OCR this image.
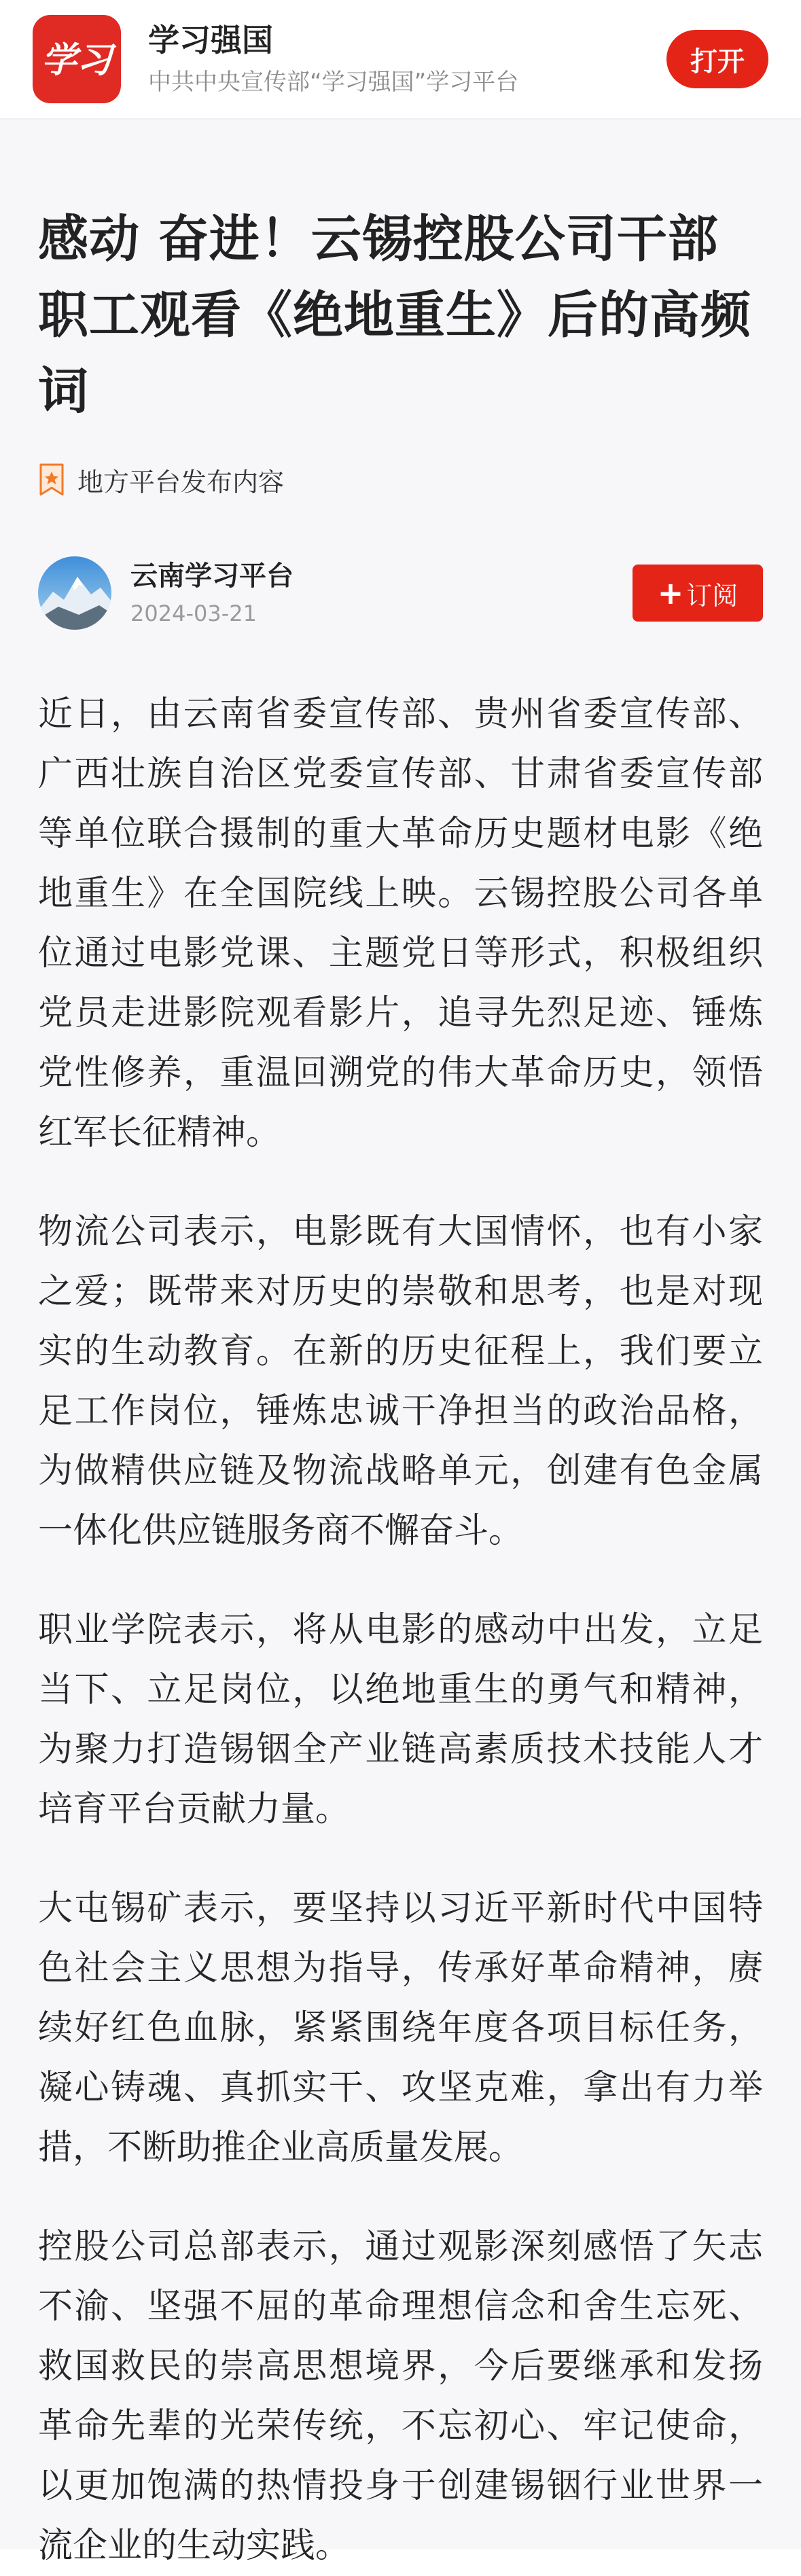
学习 学习强国
中共中央宣传部“学习强国”学习平台
打开
感动 奋进！云锡控股公司干部职工观看《绝地重生》后的高频词
地方平台发布内容
云南学习平台
2024-03-21
+ 订阅

近日，由云南省委宣传部、贵州省委宣传部、广西壮族自治区党委宣传部、甘肃省委宣传部等单位联合摄制的重大革命历史题材电影《绝地重生》在全国院线上映。云锡控股公司各单位通过电影党课、主题党日等形式，积极组织党员走进影院观看影片，追寻先烈足迹、锤炼党性修养，重温回溯党的伟大革命历史，领悟红军长征精神。

物流公司表示，电影既有大国情怀，也有小家之爱；既带来对历史的崇敬和思考，也是对现实的生动教育。在新的历史征程上，我们要立足工作岗位，锤炼忠诚干净担当的政治品格，为做精供应链及物流战略单元，创建有色金属一体化供应链服务商不懈奋斗。

职业学院表示，将从电影的感动中出发，立足当下、立足岗位，以绝地重生的勇气和精神，为聚力打造锡铟全产业链高素质技术技能人才培育平台贡献力量。

大屯锡矿表示，要坚持以习近平新时代中国特色社会主义思想为指导，传承好革命精神，赓续好红色血脉，紧紧围绕年度各项目标任务，凝心铸魂、真抓实干、攻坚克难，拿出有力举措，不断助推企业高质量发展。

控股公司总部表示，通过观影深刻感悟了矢志不渝、坚强不屈的革命理想信念和舍生忘死、救国救民的崇高思想境界，今后要继承和发扬革命先辈的光荣传统，不忘初心、牢记使命，以更加饱满的热情投身于创建锡铟行业世界一流企业的生动实践。
